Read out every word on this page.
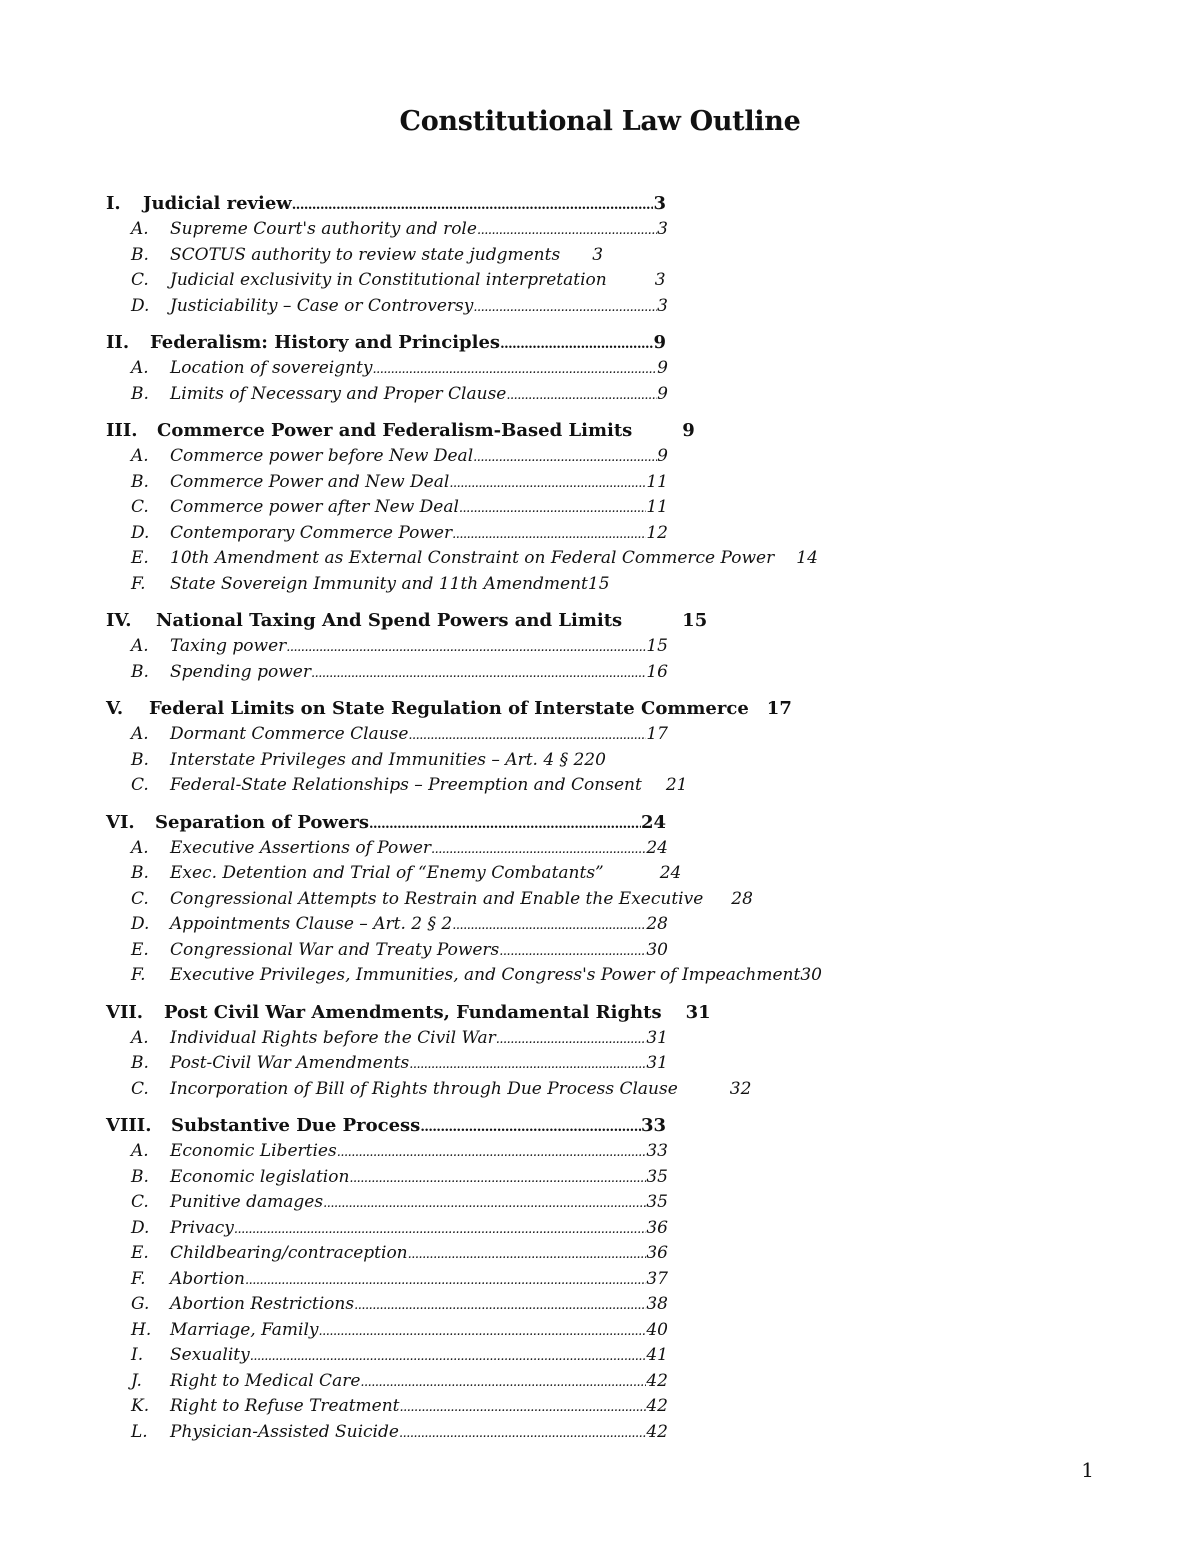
Constitutional Law Outline
I.	Judicial review .....	3
A.	Supreme Court's authority and role .....	3
B.	SCOTUS authority to review state judgments 3
C.	Judicial exclusivity in Constitutional interpretation	3
D.	Justiciability – Case or Controversy .....	3
II.	Federalism: History and Principles .....	9
A.	Location of sovereignty .....	9
B.	Limits of Necessary and Proper Clause .....	9
III.	Commerce Power and Federalism-Based Limits	9
A.	Commerce power before New Deal .....	9
B.	Commerce Power and New Deal .....	11
C.	Commerce power after New Deal .....	11
D.	Contemporary Commerce Power .....	12
E.	10th Amendment as External Constraint on Federal Commerce Power 14
F.	State Sovereign Immunity and 11th Amendment 15
IV.	National Taxing And Spend Powers and Limits	15
A.	Taxing power .....	15
B.	Spending power .....	16
V.	Federal Limits on State Regulation of Interstate Commerce 17
A.	Dormant Commerce Clause .....	17
B.	Interstate Privileges and Immunities – Art. 4 § 2 20
C.	Federal-State Relationships – Preemption and Consent 21
VI.	Separation of Powers .....	24
A.	Executive Assertions of Power .....	24
B.	Exec. Detention and Trial of “Enemy Combatants”	24
C.	Congressional Attempts to Restrain and Enable the Executive 28
D.	Appointments Clause – Art. 2 § 2 .....	28
E.	Congressional War and Treaty Powers .....	30
F.	Executive Privileges, Immunities, and Congress's Power of Impeachment 30
VII.	Post Civil War Amendments, Fundamental Rights 31
A.	Individual Rights before the Civil War .....	31
B.	Post-Civil War Amendments .....	31
C.	Incorporation of Bill of Rights through Due Process Clause	32
VIII.	Substantive Due Process .....	33
A.	Economic Liberties .....	33
B.	Economic legislation .....	35
C.	Punitive damages .....	35
D.	Privacy .....	36
E.	Childbearing/contraception .....	36
F.	Abortion .....	37
G.	Abortion Restrictions .....	38
H.	Marriage, Family .....	40
I.	Sexuality .....	41
J.	Right to Medical Care .....	42
K.	Right to Refuse Treatment .....	42
L.	Physician-Assisted Suicide .....	42
1
